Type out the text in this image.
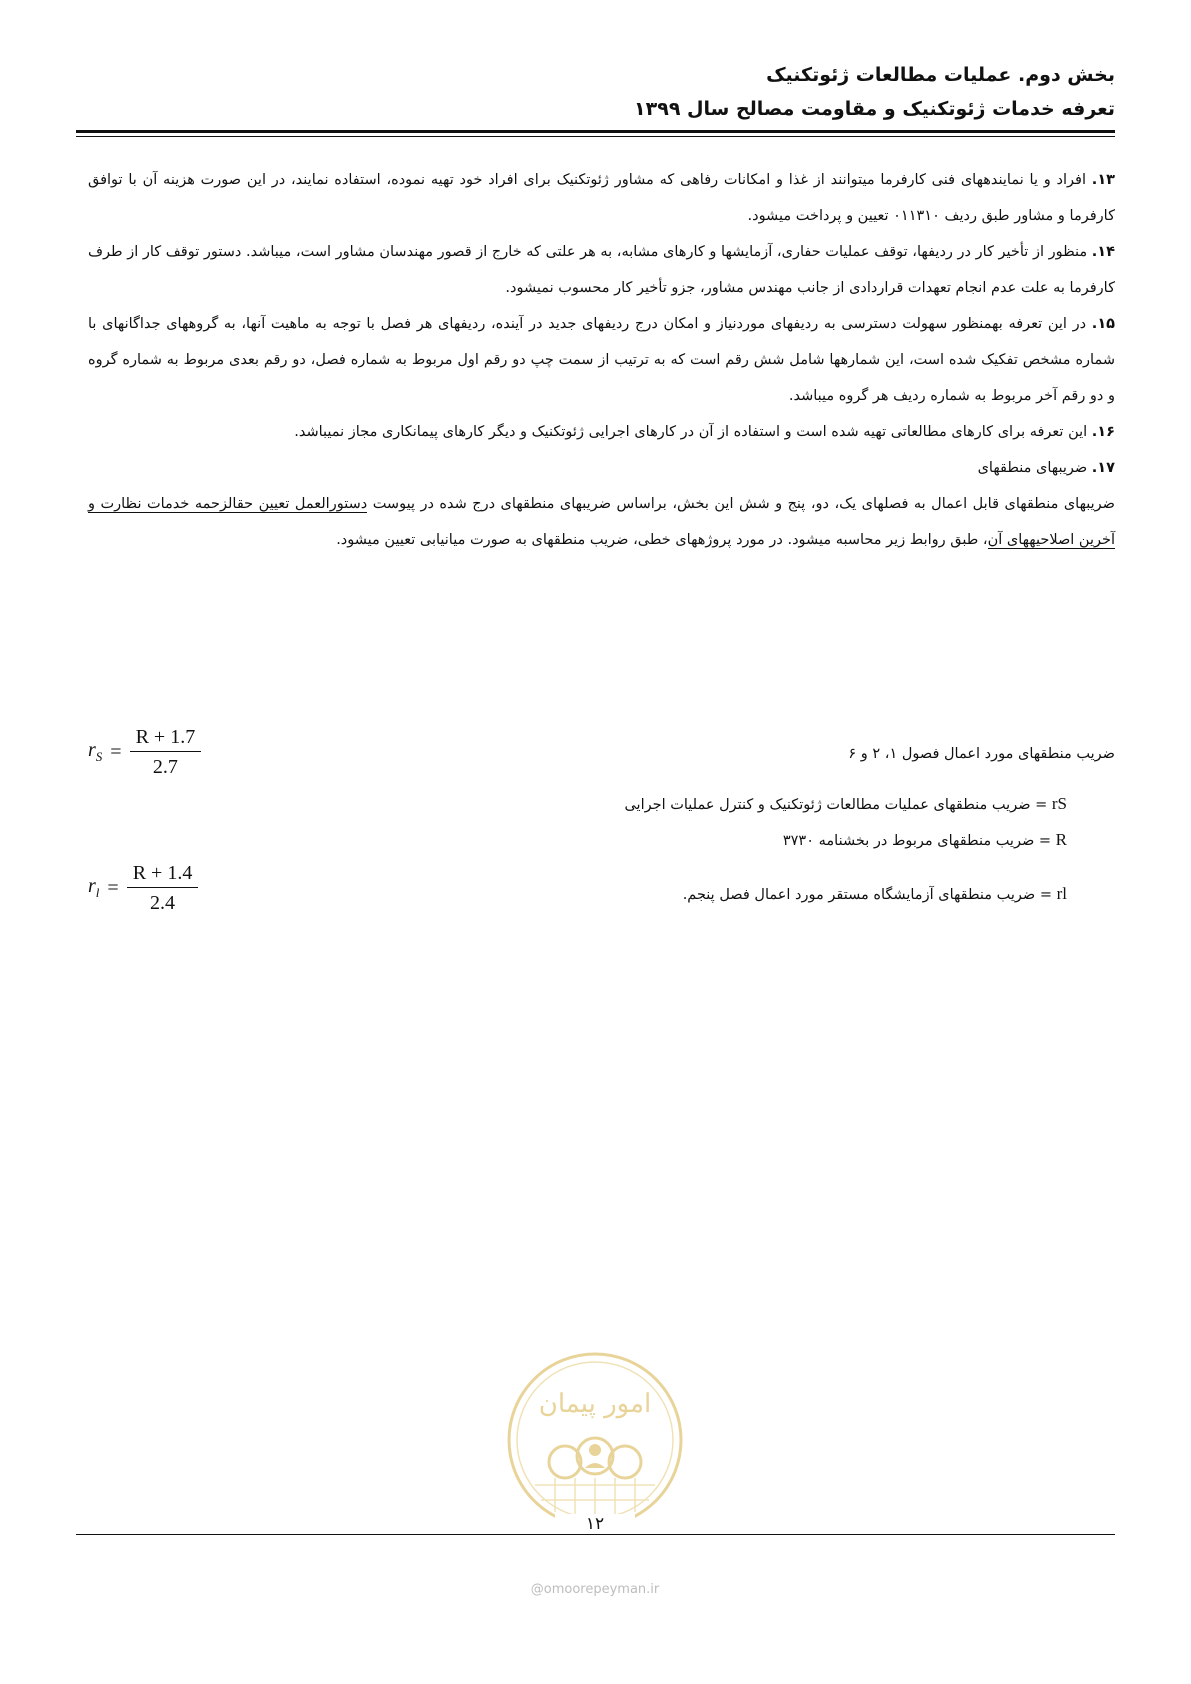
بخش دوم. عملیات مطالعات ژئوتکنیک
تعرفه خدمات ژئوتکنیک و مقاومت مصالح سال ۱۳۹۹

۱۳. افراد و یا نمایندههای فنی کارفرما میتوانند از غذا و امکانات رفاهی که مشاور ژئوتکنیک برای افراد خود تهیه نموده، استفاده نمایند، در این صورت هزینه آن با توافق کارفرما و مشاور طبق ردیف ۰۱۱۳۱۰ تعیین و پرداخت میشود.

۱۴. منظور از تأخیر کار در ردیفها، توقف عملیات حفاری، آزمایشها و کارهای مشابه، به هر علتی که خارج از قصور مهندسان مشاور است، میباشد. دستور توقف کار از طرف کارفرما به علت عدم انجام تعهدات قراردادی از جانب مهندس مشاور، جزو تأخیر کار محسوب نمیشود.

۱۵. در این تعرفه بهمنظور سهولت دسترسی به ردیفهای موردنیاز و امکان درج ردیفهای جدید در آینده، ردیفهای هر فصل با توجه به ماهیت آنها، به گروههای جداگانهای با شماره مشخص تفکیک شده است، این شمارهها شامل شش رقم است که به ترتیب از سمت چپ دو رقم اول مربوط به شماره فصل، دو رقم بعدی مربوط به شماره گروه و دو رقم آخر مربوط به شماره ردیف هر گروه میباشد.

۱۶. این تعرفه برای کارهای مطالعاتی تهیه شده است و استفاده از آن در کارهای اجرایی ژئوتکنیک و دیگر کارهای پیمانکاری مجاز نمیباشد.

۱۷. ضریبهای منطقهای

ضریبهای منطقهای قابل اعمال به فصلهای یک، دو، پنج و شش این بخش، براساس ضریبهای منطقهای درج شده در پیوست دستورالعمل تعیین حقالزحمه خدمات نظارت و آخرین اصلاحیههای آن، طبق روابط زیر محاسبه میشود. در مورد پروژههای خطی، ضریب منطقهای به صورت میانیابی تعیین میشود.

ضریب منطقهای مورد اعمال فصول ۱، ۲ و ۶
$r_S = \frac{R + 1.7}{2.7}$
rS = ضریب منطقهای عملیات مطالعات ژئوتکنیک و کنترل عملیات اجرایی
R = ضریب منطقهای مربوط در بخشنامه ۳۷۳۰
rl = ضریب منطقهای آزمایشگاه مستقر مورد اعمال فصل پنجم.
$r_l = \frac{R + 1.4}{2.4}$
امور پیمان
۱۲
@omoorepeyman.ir
